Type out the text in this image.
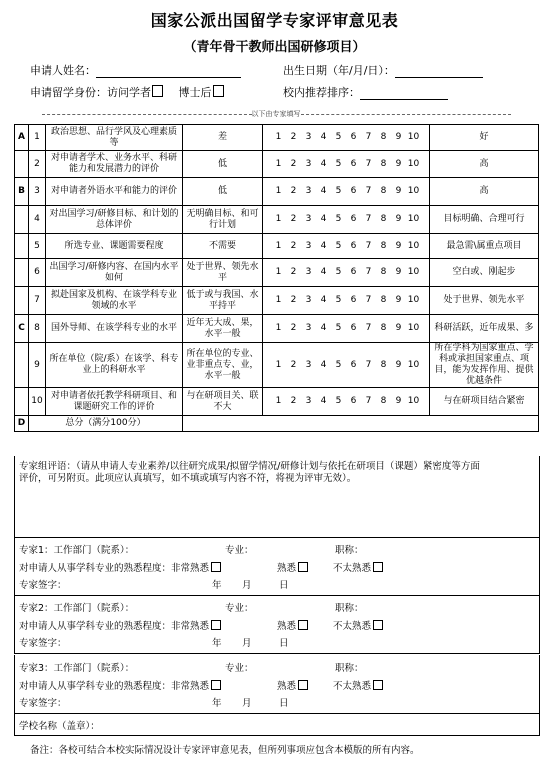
国家公派出国留学专家评审意见表
（青年骨干教师出国研修项目）
申请人姓名：	出生日期（年/月/日）：
申请留学身份：访问学者	博士后	校内推荐排序：
以下由专家填写
A	1	政治思想、品行学风及心理素质等	差	1 2 3 4 5 6 7 8 9 10	好
	2	对申请者学术、业务水平、科研能力和发展潜力的评价	低	1 2 3 4 5 6 7 8 9 10	高
B	3	对申请者外语水平和能力的评价	低	1 2 3 4 5 6 7 8 9 10	高
	4	对出国学习/研修目标、和计划的总体评价	无明确目标、和可行计划	1 2 3 4 5 6 7 8 9 10	目标明确、合理可行
	5	所选专业、课题需要程度	不需要	1 2 3 4 5 6 7 8 9 10	最急需\属重点项目
	6	出国学习/研修内容、在国内水平如何	处于世界、领先水平	1 2 3 4 5 6 7 8 9 10	空白或、刚起步
	7	拟赴国家及机构、在该学科专业领域的水平	低于或与我国、水平持平	1 2 3 4 5 6 7 8 9 10	处于世界、领先水平
C	8	国外导师、在该学科专业的水平	近年无大成、果，水平一般	1 2 3 4 5 6 7 8 9 10	科研活跃，近年成果、多
	9	所在单位（院/系）在该学、科专业上的科研水平	所在单位的专业、业非重点专、业，水平一般	1 2 3 4 5 6 7 8 9 10	所在学科为国家重点、学科或承担国家重点、项目，能为发挥作用、提供优越条件
	10	对申请者依托教学科研项目、和课题研究工作的评价	与在研项目关、联不大	1 2 3 4 5 6 7 8 9 10	与在研项目结合紧密
D	总分（满分100分）				
专家组评语：（请从申请人专业素养/以往研究成果/拟留学情况/研修计划与依托在研项目（课题）紧密度等方面
评价，可另附页。此项应认真填写，如不填或填写内容不符，将视为评审无效）。
专家1：工作部门（院系）：	专业：	职称：
对申请人从事学科专业的熟悉程度：非常熟悉	熟悉	不太熟悉
专家签字：	年 月	日
专家2：工作部门（院系）：	专业：	职称：
对申请人从事学科专业的熟悉程度：非常熟悉	熟悉	不太熟悉
专家签字：	年 月	日
专家3：工作部门（院系）：	专业：	职称：
对申请人从事学科专业的熟悉程度：非常熟悉	熟悉	不太熟悉
专家签字：	年 月	日
学校名称（盖章）：
备注：各校可结合本校实际情况设计专家评审意见表，但所列事项应包含本模版的所有内容。
